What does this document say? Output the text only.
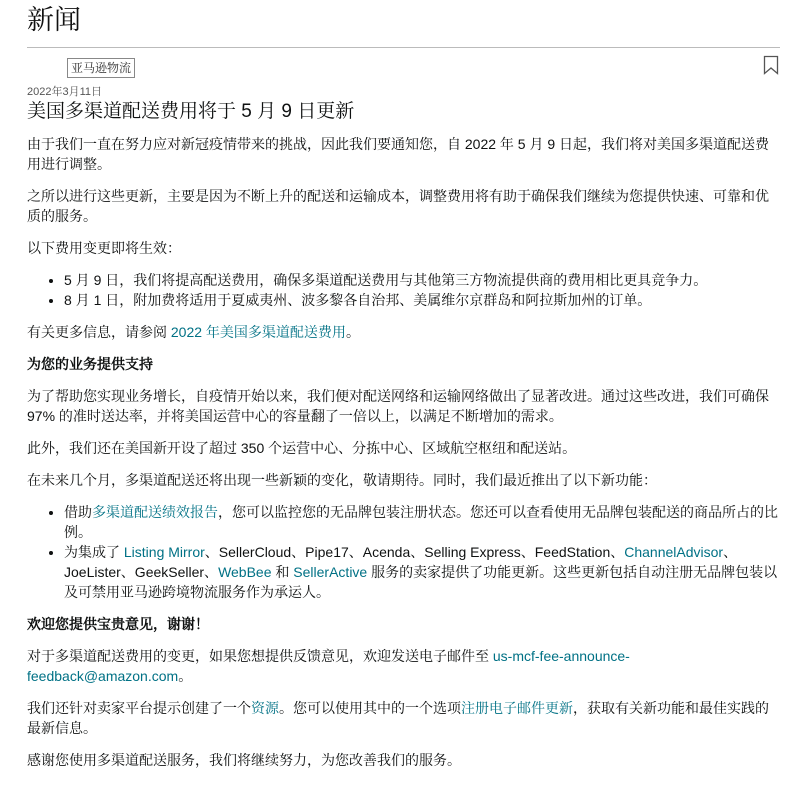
新闻
亚马逊物流
2022年3月11日
美国多渠道配送费用将于 5 月 9 日更新

由于我们一直在努力应对新冠疫情带来的挑战，因此我们要通知您，自 2022 年 5 月 9 日起，我们将对美国多渠道配送费用进行调整。

之所以进行这些更新，主要是因为不断上升的配送和运输成本，调整费用将有助于确保我们继续为您提供快速、可靠和优质的服务。

以下费用变更即将生效：

• 5 月 9 日，我们将提高配送费用，确保多渠道配送费用与其他第三方物流提供商的费用相比更具竞争力。
• 8 月 1 日，附加费将适用于夏威夷州、波多黎各自治邦、美属维尔京群岛和阿拉斯加州的订单。

有关更多信息，请参阅 2022 年美国多渠道配送费用。

为您的业务提供支持

为了帮助您实现业务增长，自疫情开始以来，我们便对配送网络和运输网络做出了显著改进。通过这些改进，我们可确保 97% 的准时送达率，并将美国运营中心的容量翻了一倍以上，以满足不断增加的需求。

此外，我们还在美国新开设了超过 350 个运营中心、分拣中心、区域航空枢纽和配送站。

在未来几个月，多渠道配送还将出现一些新颖的变化，敬请期待。同时，我们最近推出了以下新功能：

• 借助多渠道配送绩效报告，您可以监控您的无品牌包装注册状态。您还可以查看使用无品牌包装配送的商品所占的比例。
• 为集成了 Listing Mirror、SellerCloud、Pipe17、Acenda、Selling Express、FeedStation、ChannelAdvisor、JoeLister、GeekSeller、WebBee 和 SellerActive 服务的卖家提供了功能更新。这些更新包括自动注册无品牌包装以及可禁用亚马逊跨境物流服务作为承运人。

欢迎您提供宝贵意见，谢谢！

对于多渠道配送费用的变更，如果您想提供反馈意见，欢迎发送电子邮件至 us-mcf-fee-announce-feedback@amazon.com。

我们还针对卖家平台提示创建了一个资源。您可以使用其中的一个选项注册电子邮件更新，获取有关新功能和最佳实践的最新信息。

感谢您使用多渠道配送服务，我们将继续努力，为您改善我们的服务。
